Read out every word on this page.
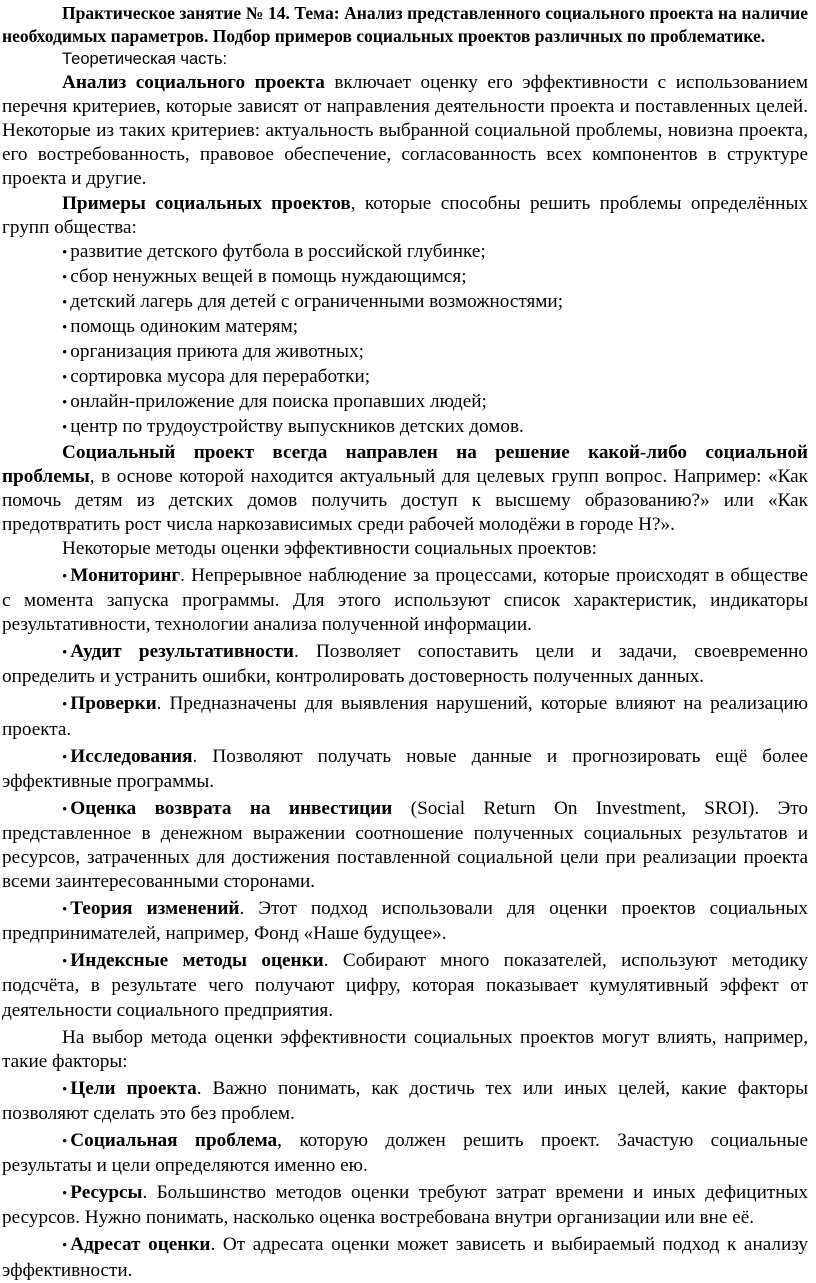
Практическое занятие № 14. Тема: Анализ представленного социального проекта на наличие необходимых параметров. Подбор примеров социальных проектов различных по проблематике.

Теоретическая часть:

Анализ социального проекта включает оценку его эффективности с использованием перечня критериев, которые зависят от направления деятельности проекта и поставленных целей. Некоторые из таких критериев: актуальность выбранной социальной проблемы, новизна проекта, его востребованность, правовое обеспечение, согласованность всех компонентов в структуре проекта и другие.

Примеры социальных проектов, которые способны решить проблемы определённых групп общества:

• развитие детского футбола в российской глубинке;

• сбор ненужных вещей в помощь нуждающимся;

• детский лагерь для детей с ограниченными возможностями;

• помощь одиноким матерям;

• организация приюта для животных;

• сортировка мусора для переработки;

• онлайн-приложение для поиска пропавших людей;

• центр по трудоустройству выпускников детских домов.

Социальный проект всегда направлен на решение какой-либо социальной проблемы, в основе которой находится актуальный для целевых групп вопрос. Например: «Как помочь детям из детских домов получить доступ к высшему образованию?» или «Как предотвратить рост числа наркозависимых среди рабочей молодёжи в городе Н?».

Некоторые методы оценки эффективности социальных проектов:

• Мониторинг. Непрерывное наблюдение за процессами, которые происходят в обществе с момента запуска программы. Для этого используют список характеристик, индикаторы результативности, технологии анализа полученной информации.

• Аудит результативности. Позволяет сопоставить цели и задачи, своевременно определить и устранить ошибки, контролировать достоверность полученных данных.

• Проверки. Предназначены для выявления нарушений, которые влияют на реализацию проекта.

• Исследования. Позволяют получать новые данные и прогнозировать ещё более эффективные программы.

• Оценка возврата на инвестиции (Social Return On Investment, SROI). Это представленное в денежном выражении соотношение полученных социальных результатов и ресурсов, затраченных для достижения поставленной социальной цели при реализации проекта всеми заинтересованными сторонами.

• Теория изменений. Этот подход использовали для оценки проектов социальных предпринимателей, например, Фонд «Наше будущее».

• Индексные методы оценки. Собирают много показателей, используют методику подсчёта, в результате чего получают цифру, которая показывает кумулятивный эффект от деятельности социального предприятия.

На выбор метода оценки эффективности социальных проектов могут влиять, например, такие факторы:

• Цели проекта. Важно понимать, как достичь тех или иных целей, какие факторы позволяют сделать это без проблем.

• Социальная проблема, которую должен решить проект. Зачастую социальные результаты и цели определяются именно ею.

• Ресурсы. Большинство методов оценки требуют затрат времени и иных дефицитных ресурсов. Нужно понимать, насколько оценка востребована внутри организации или вне её.

• Адресат оценки. От адресата оценки может зависеть и выбираемый подход к анализу эффективности.
